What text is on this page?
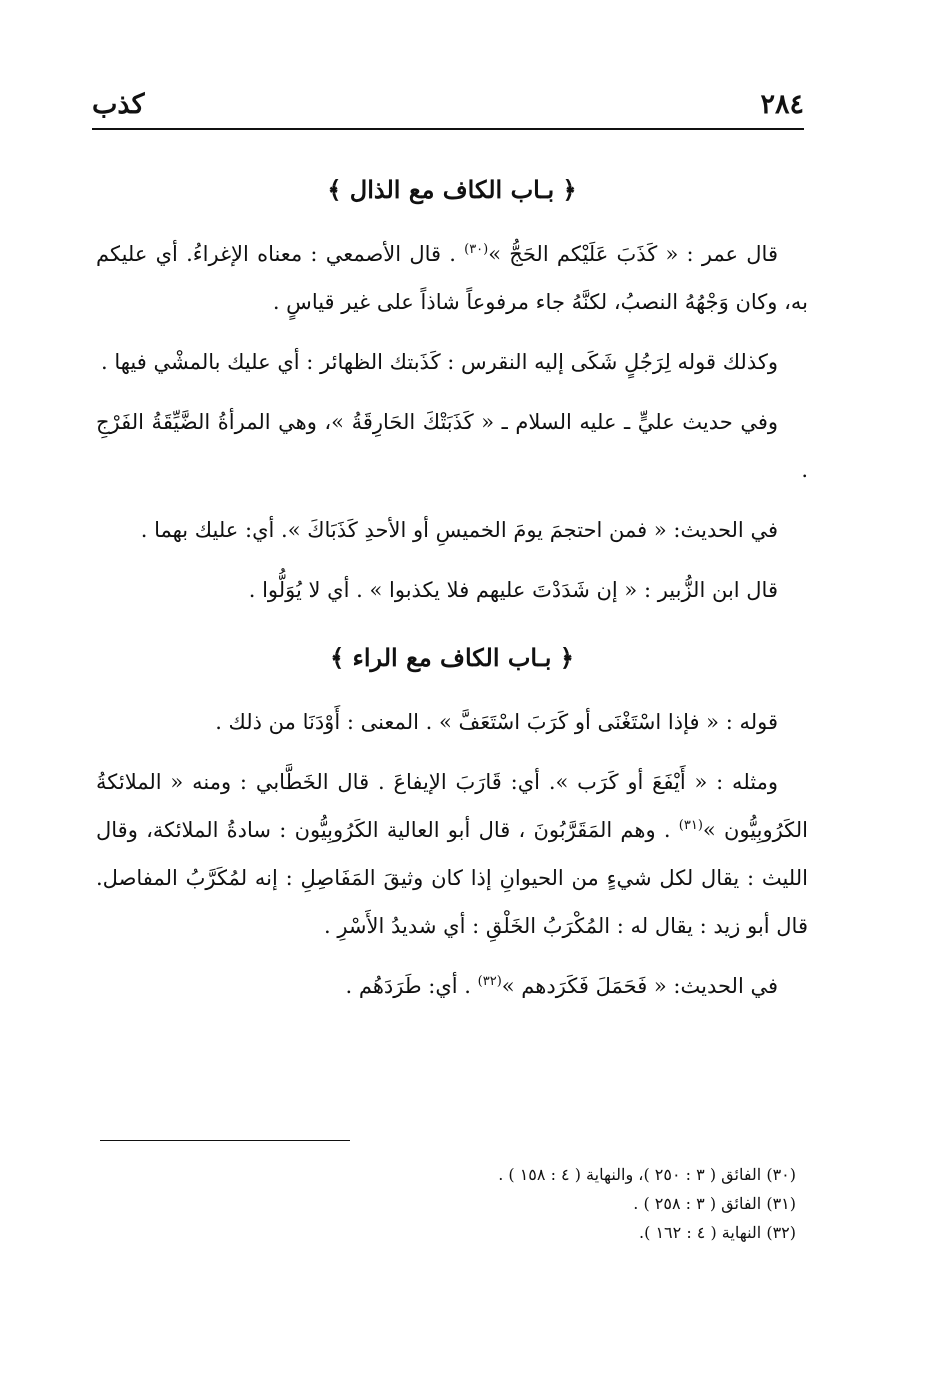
٢٨٤
كذب
﴿ بـاب الكاف مع الذال ﴾

قال عمر : « كَذَبَ عَلَيْكم الحَجُّ »$^{(٣٠)}$ . قال الأصمعي : معناه الإغراءُ. أي عليكم به، وكان وَجْهُهُ النصبُ، لكنَّهُ جاء مرفوعاً شاذاً على غير قياسٍ .

وكذلك قوله لِرَجُلٍ شَكَى إليه النقرس : كَذَبتك الظهائر : أي عليك بالمشْي فيها .

وفي حديث عليٍّ ـ عليه السلام ـ « كَذَبَتْكَ الحَارِقَةُ »، وهي المرأةُ الضَّيِّقَةُ الفَرْجِ .

في الحديث: « فمن احتجمَ يومَ الخميسِ أو الأحدِ كَذَبَاكَ ». أي: عليك بهما .

قال ابن الزُّبير : « إن شَدَدْتَ عليهم فلا يكذبوا » . أي لا يُوَلُّوا .

﴿ بـاب الكاف مع الراء ﴾

قوله : « فإذا اسْتَغْنَى أو كَرَبَ اسْتَعَفَّ » . المعنى : أَوْدَنَا من ذلك .

ومثله : « أَيْفَعَ أو كَرَب ». أي: قَارَبَ الإيفاعَ . قال الخَطَّابي : ومنه « الملائكةُ الكَرُوبِيُّون »$^{(٣١)}$ . وهم المَقَرَّبُونَ ، قال أبو العالية الكَرُوبِيُّون : سادةُ الملائكة، وقال الليث : يقال لكل شيءٍ من الحيوانِ إذا كان وثيقَ المَفَاصِلِ : إنه لمُكَرَّبُ المفاصل. قال أبو زيد : يقال له : المُكْرَبُ الخَلْقِ : أي شديدُ الأَسْرِ .

في الحديث: « فَحَمَلَ فَكَرَدهم »$^{(٣٢)}$ . أي: طَرَدَهُم .

(٣٠) الفائق ( ٣ : ٢٥٠ )، والنهاية ( ٤ : ١٥٨ ) .

(٣١) الفائق ( ٣ : ٢٥٨ ) .

(٣٢) النهاية ( ٤ : ١٦٢ ).
